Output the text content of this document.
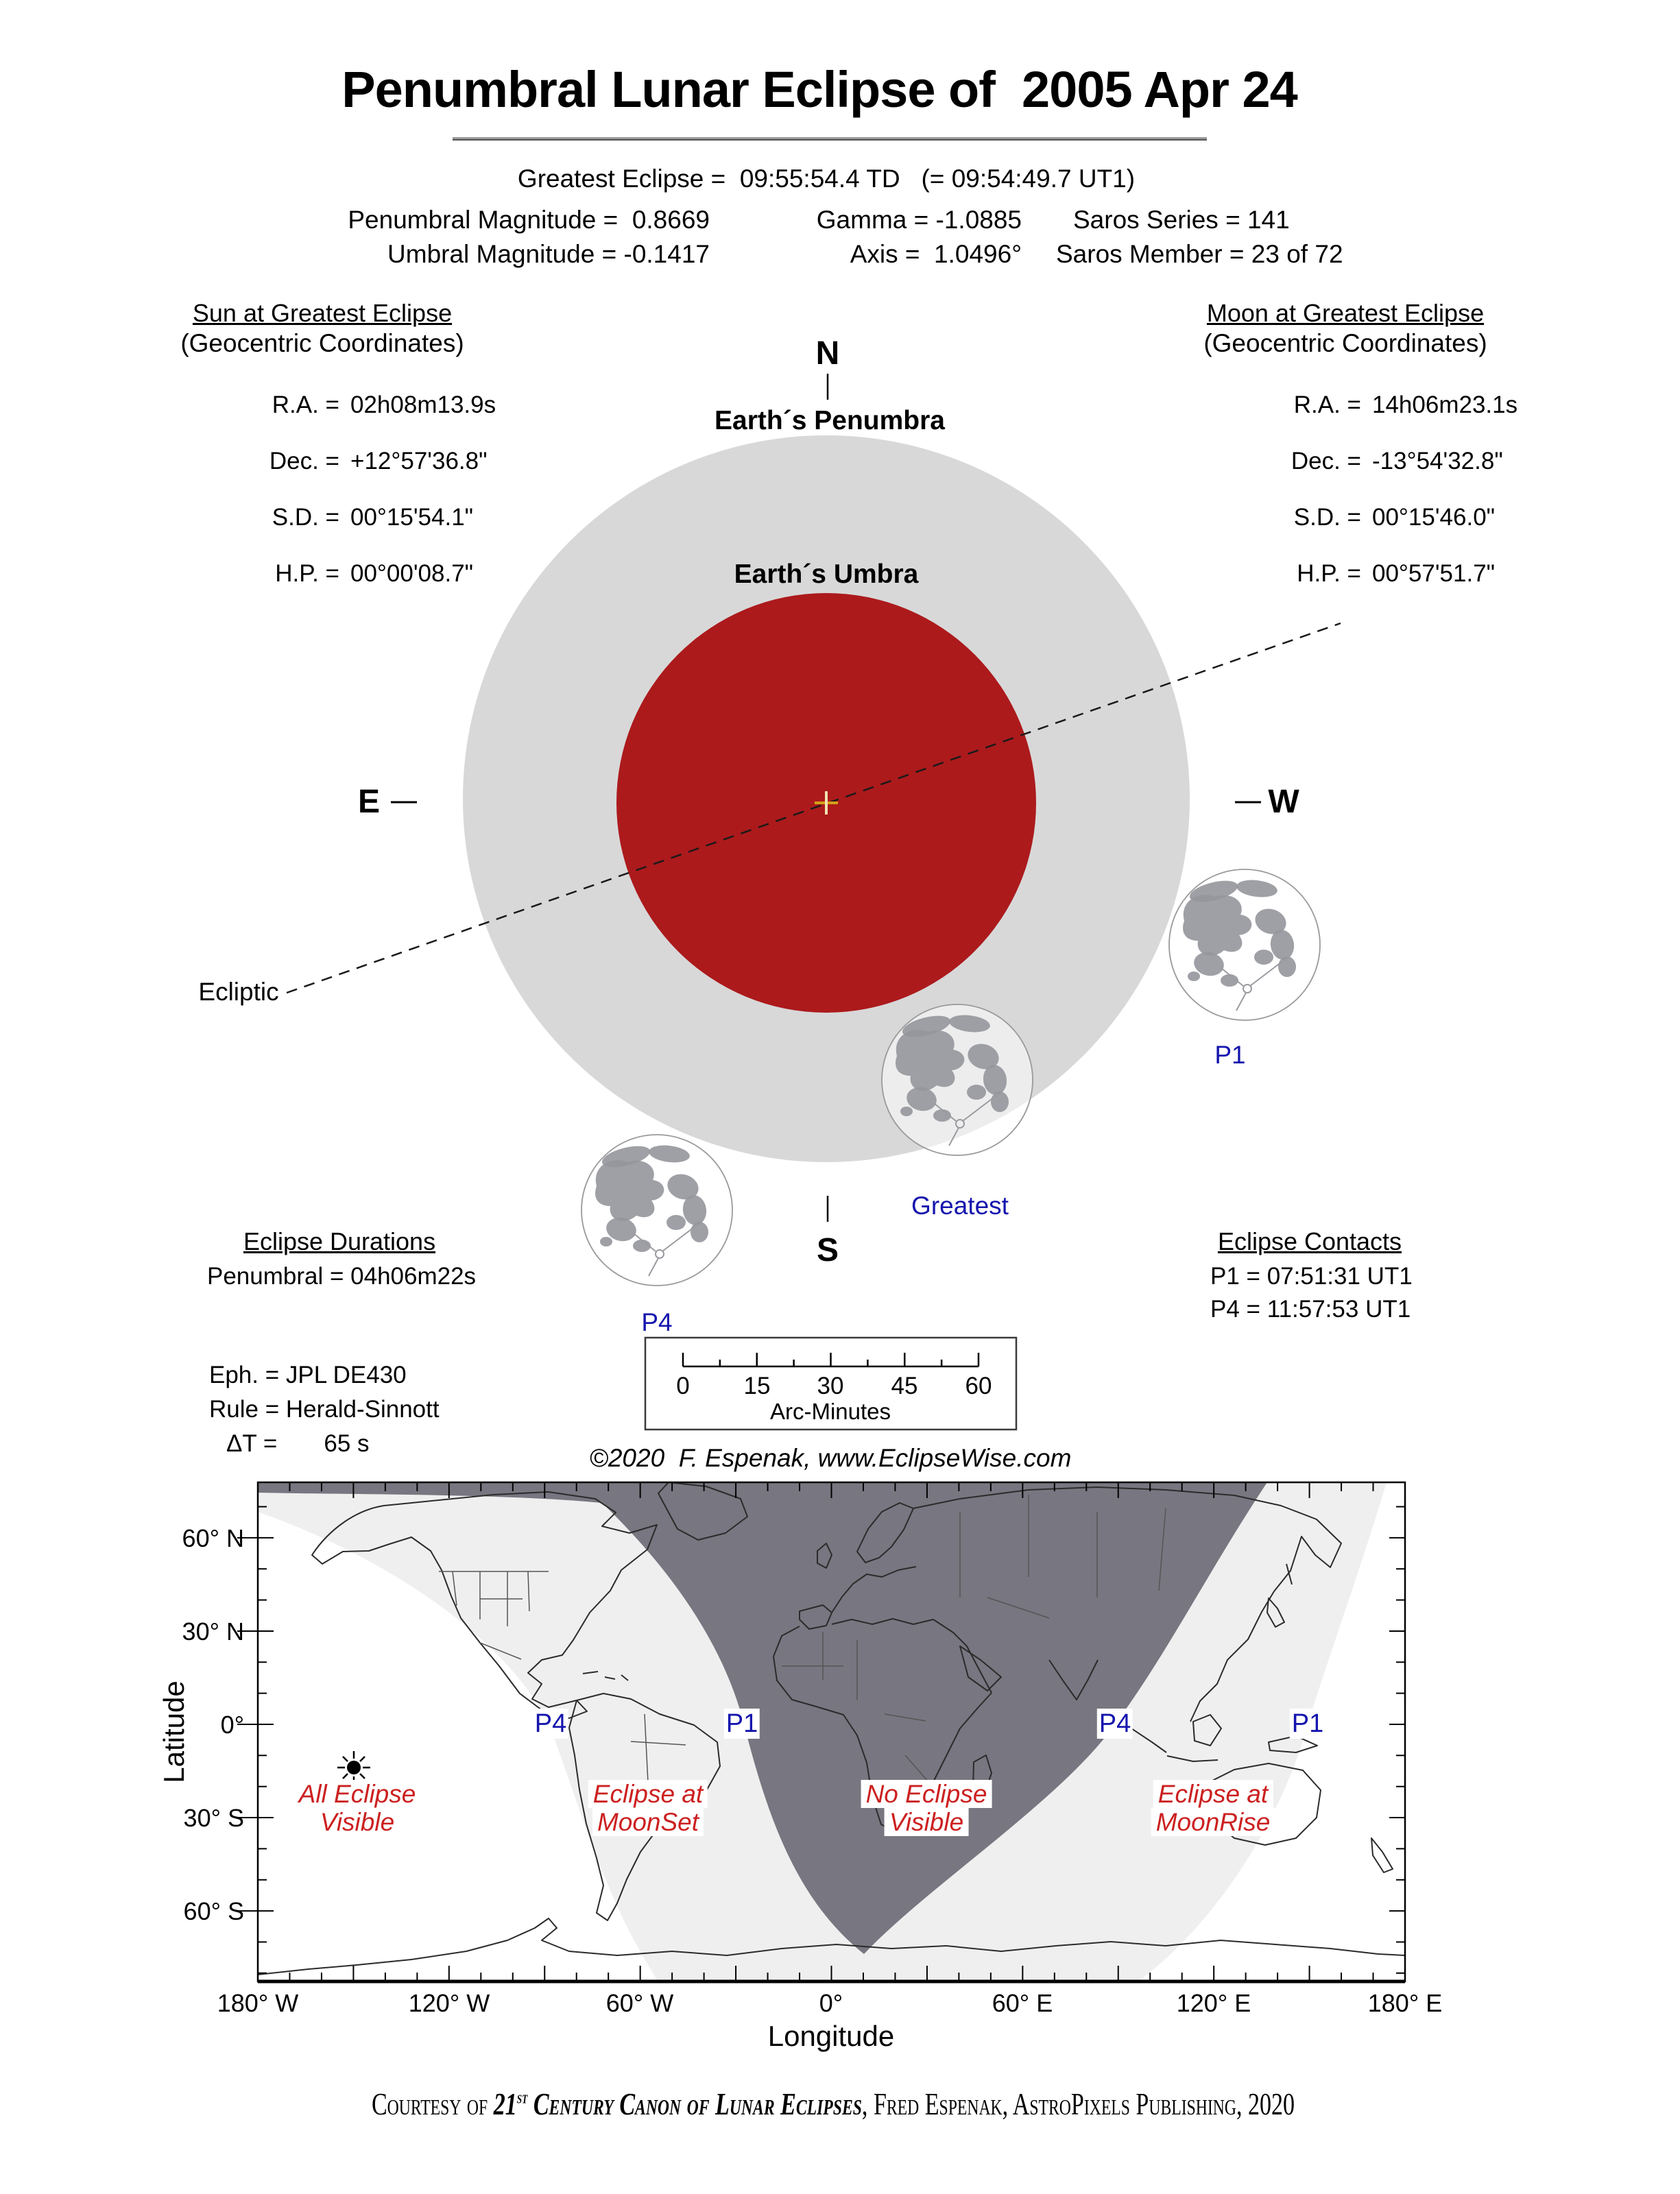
Penumbral Lunar Eclipse of  2005 Apr 24
Greatest Eclipse =  09:55:54.4 TD   (= 09:54:49.7 UT1)
Penumbral Magnitude =  0.8669
Umbral Magnitude = -0.1417
Gamma = -1.0885
Axis =  1.0496°
Saros Series = 141
Saros Member = 23 of 72
Sun at Greatest Eclipse
(Geocentric Coordinates)

R.A. = 02h08m13.9s

Dec. = +12°57'36.8"

S.D. = 00°15'54.1"

H.P. = 00°00'08.7"

Moon at Greatest Eclipse
(Geocentric Coordinates)

R.A. = 14h06m23.1s

Dec. = -13°54'32.8"

S.D. = 00°15'46.0"

H.P. = 00°57'51.7"

N
S
E	W
Earth´s Penumbra
Earth´s Umbra
Ecliptic
P1
Greatest
P4
Eclipse Durations
Penumbral = 04h06m22s
Eclipse Contacts
P1 = 07:51:31 UT1
P4 = 11:57:53 UT1
Eph. = JPL DE430
Rule = Herald-Sinnott
ΔT =       65 s
0 15 30 45 60
Arc-Minutes
©2020  F. Espenak, www.EclipseWise.com
60° N
30° N
0°
30° S
60° S
180° W	120° W	60° W	0°	60° E	120° E	180° E
Latitude
Longitude
P4	P1	P4	P1
All Eclipse
Visible
Eclipse at
MoonSet
No Eclipse
Visible
Eclipse at
MoonRise
Courtesy of 21st Century Canon of Lunar Eclipses, Fred Espenak, AstroPixels Publishing, 2020
